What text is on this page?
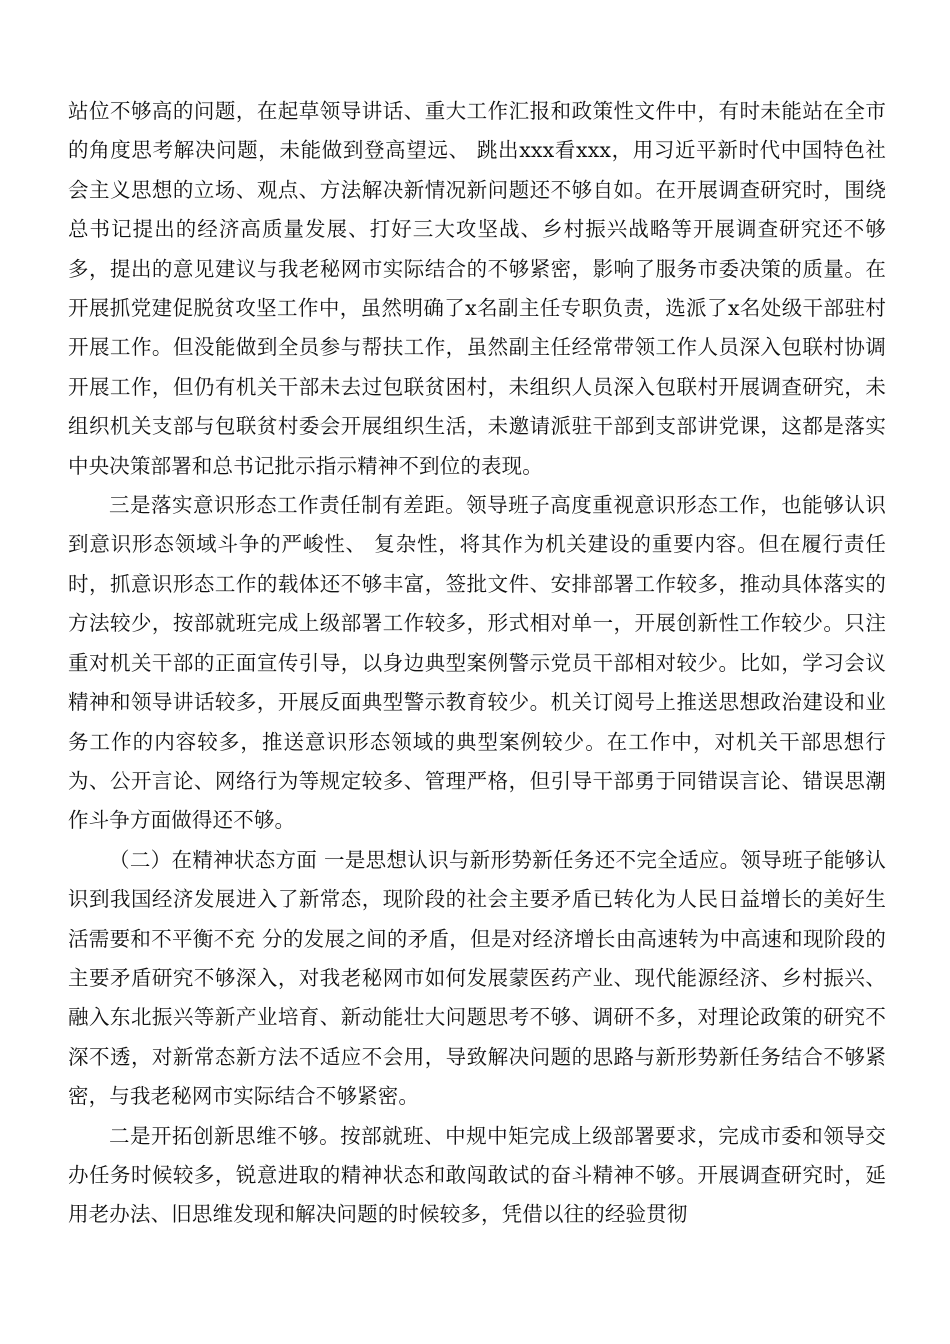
站位不够高的问题，在起草领导讲话、重大工作汇报和政策性文件中，有时未能站在全市的角度思考解决问题，未能做到登高望远、 跳出xxx看xxx，用习近平新时代中国特色社会主义思想的立场、观点、方法解决新情况新问题还不够自如。在开展调查研究时，围绕总书记提出的经济高质量发展、打好三大攻坚战、乡村振兴战略等开展调查研究还不够多，提出的意见建议与我老秘网市实际结合的不够紧密，影响了服务市委决策的质量。在开展抓党建促脱贫攻坚工作中，虽然明确了x名副主任专职负责，选派了x名处级干部驻村开展工作。但没能做到全员参与帮扶工作，虽然副主任经常带领工作人员深入包联村协调开展工作，但仍有机关干部未去过包联贫困村，未组织人员深入包联村开展调查研究，未组织机关支部与包联贫村委会开展组织生活，未邀请派驻干部到支部讲党课，这都是落实中央决策部署和总书记批示指示精神不到位的表现。

三是落实意识形态工作责任制有差距。领导班子高度重视意识形态工作，也能够认识到意识形态领域斗争的严峻性、 复杂性，将其作为机关建设的重要内容。但在履行责任时，抓意识形态工作的载体还不够丰富，签批文件、安排部署工作较多，推动具体落实的方法较少，按部就班完成上级部署工作较多，形式相对单一，开展创新性工作较少。只注重对机关干部的正面宣传引导，以身边典型案例警示党员干部相对较少。比如，学习会议精神和领导讲话较多，开展反面典型警示教育较少。机关订阅号上推送思想政治建设和业务工作的内容较多，推送意识形态领域的典型案例较少。在工作中，对机关干部思想行为、公开言论、网络行为等规定较多、管理严格，但引导干部勇于同错误言论、错误思潮作斗争方面做得还不够。

（二）在精神状态方面 一是思想认识与新形势新任务还不完全适应。领导班子能够认识到我国经济发展进入了新常态，现阶段的社会主要矛盾已转化为人民日益增长的美好生活需要和不平衡不充 分的发展之间的矛盾，但是对经济增长由高速转为中高速和现阶段的主要矛盾研究不够深入，对我老秘网市如何发展蒙医药产业、现代能源经济、乡村振兴、融入东北振兴等新产业培育、新动能壮大问题思考不够、调研不多，对理论政策的研究不深不透，对新常态新方法不适应不会用，导致解决问题的思路与新形势新任务结合不够紧密，与我老秘网市实际结合不够紧密。

二是开拓创新思维不够。按部就班、中规中矩完成上级部署要求，完成市委和领导交办任务时候较多，锐意进取的精神状态和敢闯敢试的奋斗精神不够。开展调查研究时，延用老办法、旧思维发现和解决问题的时候较多，凭借以往的经验贯彻
